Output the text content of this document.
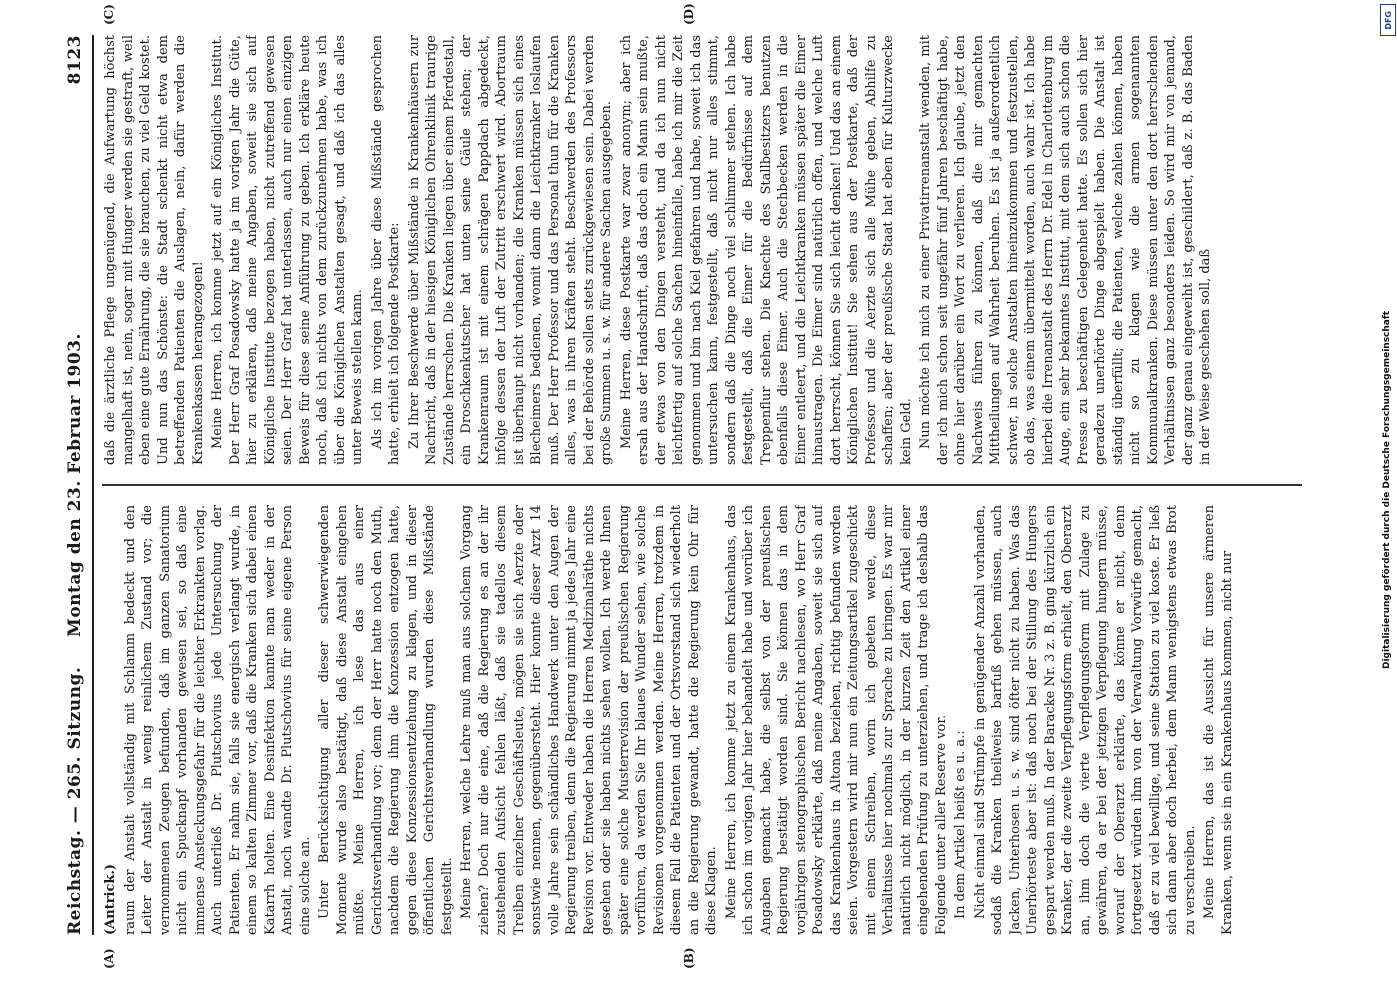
Reichstag. — 265. Sitzung.
Montag den 23. Februar 1903.
8123
(A)	(B)
(C)	(D)

(Antrick.) raum der Anstalt vollständig mit Schlamm bedeckt und den Leiter der Anstalt in wenig reinlichem Zustand vor; die vernommenen Zeugen befunden, daß im ganzen Sanatorium nicht ein Spucknapf vorhanden gewesen sei, so daß eine immense Ansteckungsgefahr für die leichter Erkrankten vorlag. Auch unterließ Dr. Plutschovius jede Untersuchung der Patienten. Er nahm sie, falls sie energisch verlangt wurde, in einem so kalten Zimmer vor, daß die Kranken sich dabei einen Katarrh holten. Eine Desinfektion kannte man weder in der Anstalt, noch wandte Dr. Plutschovius für seine eigene Person eine solche an. Unter Berücksichtigung aller dieser schwerwiegenden Momente wurde also bestätigt, daß diese Anstalt eingehen müßte. Meine Herren, ich lese das aus einer Gerichtsverhandlung vor; denn der Herr hatte noch den Muth, nachdem die Regierung ihm die Konzession entzogen hatte, gegen diese Konzessionsentziehung zu klagen, und in dieser öffentlichen Gerichtsverhandlung wurden diese Mißstände festgestellt. Meine Herren, welche Lehre muß man aus solchem Vorgang ziehen? Doch nur die eine, daß die Regierung es an der ihr zustehenden Aufsicht fehlen läßt, daß sie tadellos diesem Treiben einzelner Geschäftsleute, mögen sie sich Aerzte oder sonstwie nennen, gegenübersteht. Hier konnte dieser Arzt 14 volle Jahre sein schändliches Handwerk unter den Augen der Regierung treiben, denn die Regierung nimmt ja jedes Jahr eine Revision vor. Entweder haben die Herren Medizinalräthe nichts gesehen oder sie haben nichts sehen wollen. Ich werde Ihnen später eine solche Musterrevision der preußischen Regierung vorführen, da werden Sie Ihr blaues Wunder sehen, wie solche Revisionen vorgenommen werden. Meine Herren, trotzdem in diesem Fall die Patienten und der Ortsvorstand sich wiederholt an die Regierung gewandt, hatte die Regierung kein Ohr für diese Klagen. Meine Herren, ich komme jetzt zu einem Krankenhaus, das ich schon im vorigen Jahr hier behandelt habe und worüber ich Angaben gemacht habe, die selbst von der preußischen Regierung bestätigt worden sind. Sie können das in dem vorjährigen stenographischen Bericht nachlesen, wo Herr Graf Posadowsky erklärte, daß meine Angaben, soweit sie sich auf das Krankenhaus in Altona beziehen, richtig befunden worden seien. Vorgestern wird mir nun ein Zeitungsartikel zugeschickt mit einem Schreiben, worin ich gebeten werde, diese Verhältnisse hier nochmals zur Sprache zu bringen. Es war mir natürlich nicht möglich, in der kurzen Zeit den Artikel einer eingehenden Prüfung zu unterziehen, und trage ich deshalb das Folgende unter aller Reserve vor. In dem Artikel heißt es u. a.: Nicht einmal sind Strümpfe in genügender Anzahl vorhanden, sodaß die Kranken theilweise barfuß gehen müssen, auch Jacken, Unterhosen u. s. w. sind öfter nicht zu haben. Was das Unerhörteste aber ist: daß noch bei der Stillung des Hungers gespart werden muß. In der Baracke Nr. 3 z. B. ging kürzlich ein Kranker, der die zweite Verpflegungsform erhielt, den Oberarzt an, ihm doch die vierte Verpflegungsform mit Zulage zu gewähren, da er bei der jetzigen Verpflegung hungern müsse, worauf der Oberarzt erklärte, das könne er nicht, denn fortgesetzt würden ihm von der Verwaltung Vorwürfe gemacht, daß er zu viel bewillige, und seine Station zu viel koste. Er ließ sich dann aber doch herbei, dem Mann wenigstens etwas Brot zu verschreiben. Meine Herren, das ist die Aussicht für unsere ärmeren Kranken, wenn sie in ein Krankenhaus kommen, nicht nur

daß die ärztliche Pflege ungenügend, die Aufwartung höchst mangelhaft ist, nein, sogar mit Hunger werden sie gestraft, weil eben eine gute Ernährung, die sie brauchen, zu viel Geld kostet. Und nun das Schönste: die Stadt schenkt nicht etwa dem betreffenden Patienten die Auslagen, nein, dafür werden die Krankenkassen herangezogen! Meine Herren, ich komme jetzt auf ein Königliches Institut. Der Herr Graf Posadowsky hatte ja im vorigen Jahr die Güte, hier zu erklären, daß meine Angaben, soweit sie sich auf Königliche Institute bezogen haben, nicht zutreffend gewesen seien. Der Herr Graf hat unterlassen, auch nur einen einzigen Beweis für diese seine Anführung zu geben. Ich erkläre heute noch, daß ich nichts von dem zurückzunehmen habe, was ich über die Königlichen Anstalten gesagt, und daß ich das alles unter Beweis stellen kann. Als ich im vorigen Jahre über diese Mißstände gesprochen hatte, erhielt ich folgende Postkarte: Zu Ihrer Beschwerde über Mißstände in Krankenhäusern zur Nachricht, daß in der hiesigen Königlichen Ohrenklinik traurige Zustände herrschen. Die Kranken liegen über einem Pferdestall, ein Droschkenkutscher hat unten seine Gäule stehen; der Krankenraum ist mit einem schrägen Pappdach abgedeckt, infolge dessen der Luft der Zutritt erschwert wird. Abortraum ist überhaupt nicht vorhanden; die Kranken müssen sich eines Blecheimers bedienen, womit dann die Leichtkranker loslaufen muß. Der Herr Professor und das Personal thun für die Kranken alles, was in ihren Kräften steht. Beschwerden des Professors bei der Behörde sollen stets zurückgewiesen sein. Dabei werden große Summen u. s. w. für andere Sachen ausgegeben. Meine Herren, diese Postkarte war zwar anonym; aber ich ersah aus der Handschrift, daß das doch ein Mann sein mußte, der etwas von den Dingen versteht, und da ich nun nicht leichtfertig auf solche Sachen hineinfalle, habe ich mir die Zeit genommen und bin nach Kiel gefahren und habe, soweit ich das untersuchen kann, festgestellt, daß nicht nur alles stimmt, sondern daß die Dinge noch viel schlimmer stehen. Ich habe festgestellt, daß die Eimer für die Bedürfnisse auf dem Treppenflur stehen. Die Knechte des Stallbesitzers benutzen ebenfalls diese Eimer. Auch die Stechbecken werden in die Eimer entleert, und die Leichtkranken müssen später die Eimer hinaustragen. Die Eimer sind natürlich offen, und welche Luft dort herrscht, können Sie sich leicht denken! Und das an einem Königlichen Institut! Sie sehen aus der Postkarte, daß der Professor und die Aerzte sich alle Mühe geben, Abhilfe zu schaffen; aber der preußische Staat hat eben für Kulturzwecke kein Geld. Nun möchte ich mich zu einer Privatirrenanstalt wenden, mit der ich mich schon seit ungefähr fünf Jahren beschäftigt habe, ohne hier darüber ein Wort zu verlieren. Ich glaube, jetzt den Nachweis führen zu können, daß die mir gemachten Mittheilungen auf Wahrheit beruhen. Es ist ja außerordentlich schwer, in solche Anstalten hineinzukommen und festzustellen, ob das, was einem übermittelt worden, auch wahr ist. Ich habe hierbei die Irrenanstalt des Herrn Dr. Edel in Charlottenburg im Auge, ein sehr bekanntes Institut, mit dem sich auch schon die Presse zu beschäftigen Gelegenheit hatte. Es sollen sich hier geradezu unerhörte Dinge abgespielt haben. Die Anstalt ist ständig überfüllt; die Patienten, welche zahlen können, haben nicht so zu klagen wie die armen sogenannten Kommunalkranken. Diese müssen unter den dort herrschenden Verhältnissen ganz besonders leiden. So wird mir von jemand, der ganz genau eingeweiht ist, geschildert, daß z. B. das Baden in der Weise geschehen soll, daß

DFG
Digitalisierung gefördert durch die Deutsche Forschungsgemeinschaft
